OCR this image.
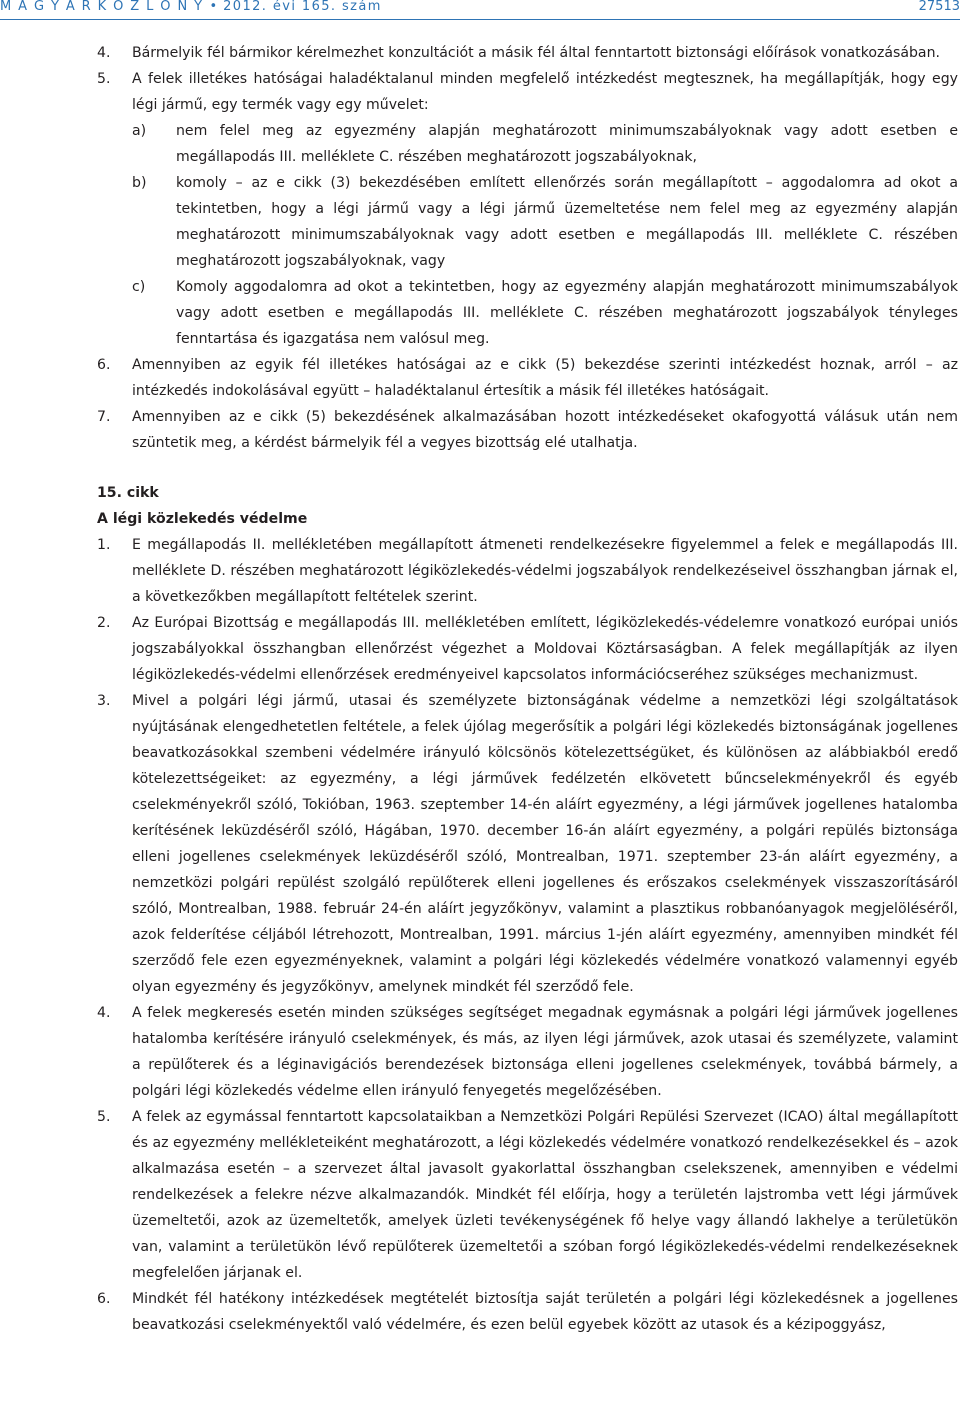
M A G Y A R K Ö Z L Ö N Y • 2012. évi 165. szám	27513
4. Bármelyik fél bármikor kérelmezhet konzultációt a másik fél által fenntartott biztonsági előírások vonatkozásában.
5. A felek illetékes hatóságai haladéktalanul minden megfelelő intézkedést megtesznek, ha megállapítják, hogy egy légi jármű, egy termék vagy egy művelet:
a) nem felel meg az egyezmény alapján meghatározott minimumszabályoknak vagy adott esetben e megállapodás III. melléklete C. részében meghatározott jogszabályoknak,
b) komoly – az e cikk (3) bekezdésében említett ellenőrzés során megállapított – aggodalomra ad okot a tekintetben, hogy a légi jármű vagy a légi jármű üzemeltetése nem felel meg az egyezmény alapján meghatározott minimumszabályoknak vagy adott esetben e megállapodás III. melléklete C. részében meghatározott jogszabályoknak, vagy
c) Komoly aggodalomra ad okot a tekintetben, hogy az egyezmény alapján meghatározott minimumszabályok vagy adott esetben e megállapodás III. melléklete C. részében meghatározott jogszabályok tényleges fenntartása és igazgatása nem valósul meg.
6. Amennyiben az egyik fél illetékes hatóságai az e cikk (5) bekezdése szerinti intézkedést hoznak, arról – az intézkedés indokolásával együtt – haladéktalanul értesítik a másik fél illetékes hatóságait.
7. Amennyiben az e cikk (5) bekezdésének alkalmazásában hozott intézkedéseket okafogyottá válásuk után nem szüntetik meg, a kérdést bármelyik fél a vegyes bizottság elé utalhatja.
15. cikk
A légi közlekedés védelme
1. E megállapodás II. mellékletében megállapított átmeneti rendelkezésekre figyelemmel a felek e megállapodás III. melléklete D. részében meghatározott légiközlekedés-védelmi jogszabályok rendelkezéseivel összhangban járnak el, a következőkben megállapított feltételek szerint.
2. Az Európai Bizottság e megállapodás III. mellékletében említett, légiközlekedés-védelemre vonatkozó európai uniós jogszabályokkal összhangban ellenőrzést végezhet a Moldovai Köztársaságban. A felek megállapítják az ilyen légiközlekedés-védelmi ellenőrzések eredményeivel kapcsolatos információcseréhez szükséges mechanizmust.
3. Mivel a polgári légi jármű, utasai és személyzete biztonságának védelme a nemzetközi légi szolgáltatások nyújtásának elengedhetetlen feltétele, a felek újólag megerősítik a polgári légi közlekedés biztonságának jogellenes beavatkozásokkal szembeni védelmére irányuló kölcsönös kötelezettségüket, és különösen az alábbiakból eredő kötelezettségeiket: az egyezmény, a légi járművek fedélzetén elkövetett bűncselekményekről és egyéb cselekményekről szóló, Tokióban, 1963. szeptember 14-én aláírt egyezmény, a légi járművek jogellenes hatalomba kerítésének leküzdéséről szóló, Hágában, 1970. december 16-án aláírt egyezmény, a polgári repülés biztonsága elleni jogellenes cselekmények leküzdéséről szóló, Montrealban, 1971. szeptember 23-án aláírt egyezmény, a nemzetközi polgári repülést szolgáló repülőterek elleni jogellenes és erőszakos cselekmények visszaszorításáról szóló, Montrealban, 1988. február 24-én aláírt jegyzőkönyv, valamint a plasztikus robbanóanyagok megjelöléséről, azok felderítése céljából létrehozott, Montrealban, 1991. március 1-jén aláírt egyezmény, amennyiben mindkét fél szerződő fele ezen egyezményeknek, valamint a polgári légi közlekedés védelmére vonatkozó valamennyi egyéb olyan egyezmény és jegyzőkönyv, amelynek mindkét fél szerződő fele.
4. A felek megkeresés esetén minden szükséges segítséget megadnak egymásnak a polgári légi járművek jogellenes hatalomba kerítésére irányuló cselekmények, és más, az ilyen légi járművek, azok utasai és személyzete, valamint a repülőterek és a léginavigációs berendezések biztonsága elleni jogellenes cselekmények, továbbá bármely, a polgári légi közlekedés védelme ellen irányuló fenyegetés megelőzésében.
5. A felek az egymással fenntartott kapcsolataikban a Nemzetközi Polgári Repülési Szervezet (ICAO) által megállapított és az egyezmény mellékleteiként meghatározott, a légi közlekedés védelmére vonatkozó rendelkezésekkel és – azok alkalmazása esetén – a szervezet által javasolt gyakorlattal összhangban cselekszenek, amennyiben e védelmi rendelkezések a felekre nézve alkalmazandók. Mindkét fél előírja, hogy a területén lajstromba vett légi járművek üzemeltetői, azok az üzemeltetők, amelyek üzleti tevékenységének fő helye vagy állandó lakhelye a területükön van, valamint a területükön lévő repülőterek üzemeltetői a szóban forgó légiközlekedés-védelmi rendelkezéseknek megfelelően járjanak el.
6. Mindkét fél hatékony intézkedések megtételét biztosítja saját területén a polgári légi közlekedésnek a jogellenes beavatkozási cselekményektől való védelmére, és ezen belül egyebek között az utasok és a kézipoggyász,
